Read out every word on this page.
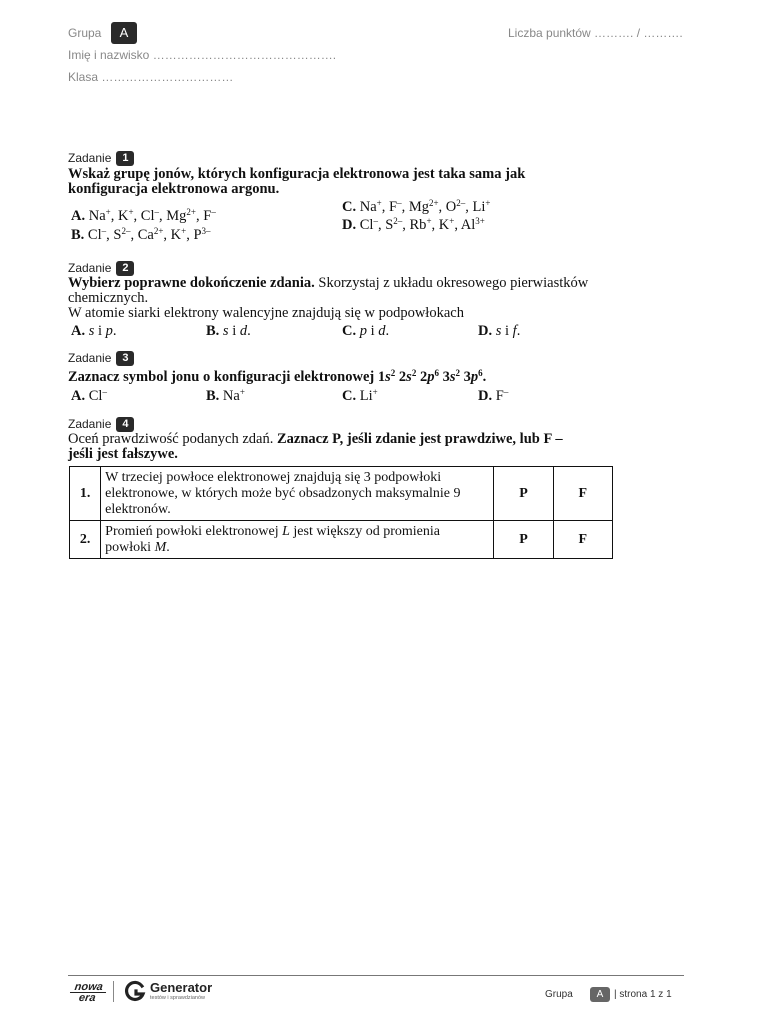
Grupa	A	Liczba punktów ………. / ……….
Imię i nazwisko ……………………………………….
Klasa ……………………………
Zadanie 1
Wskaż grupę jonów, których konfiguracja elektronowa jest taka sama jak
konfiguracja elektronowa argonu.
A. Na+, K+, Cl–, $Mg^{2+}$, F–
B. Cl–, $S^{2-}$, $Ca^{2+}$, K+, $P^{3-}$
C. Na+, F–, $Mg^{2+}$, $O^{2-}$, Li+
D. Cl–, $S^{2-}$, Rb+, K+, $Al^{3+}$
Zadanie 2
Wybierz poprawne dokończenie zdania. Skorzystaj z układu okresowego pierwiastków
chemicznych.
W atomie siarki elektrony walencyjne znajdują się w podpowłokach
A. s i p.	B. s i d.	C. p i d.	D. s i f.
Zadanie 3
Zaznacz symbol jonu o konfiguracji elektronowej $1s^2$ $2s^2$ $2p^6$ $3s^2$ $3p^6$.
A. Cl–	B. Na+	C. Li+	D. F–
Zadanie 4
Oceń prawdziwość podanych zdań. Zaznacz P, jeśli zdanie jest prawdziwe, lub F –
jeśli jest fałszywe.
1.	W trzeciej powłoce elektronowej znajdują się 3 podpowłoki
elektronowe, w których może być obsadzonych maksymalnie 9
elektronów.	P	F
2.	Promień powłoki elektronowej L jest większy od promienia
powłoki M.	P	F
nowa
era
Generator
testów i sprawdzianów	Grupa	A	| strona 1 z 1
